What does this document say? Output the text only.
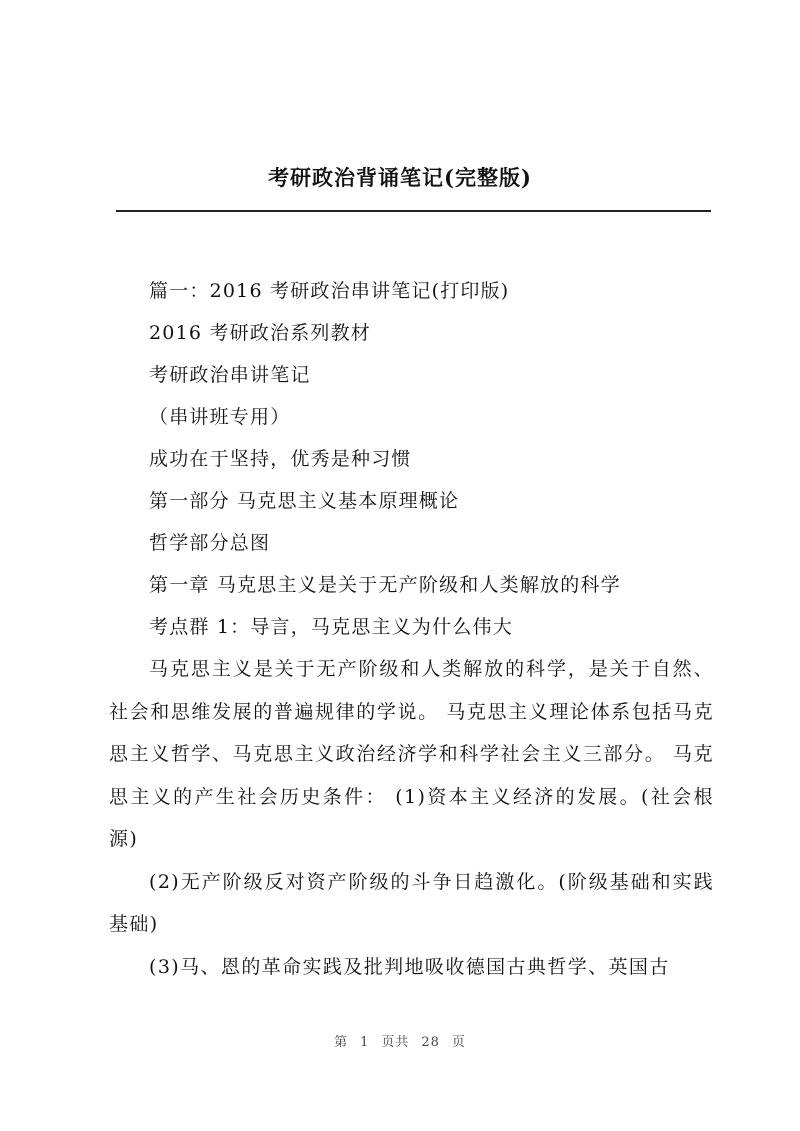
考研政治背诵笔记(完整版)
篇一：2016 考研政治串讲笔记(打印版)
2016 考研政治系列教材
考研政治串讲笔记
（串讲班专用）
成功在于坚持，优秀是种习惯
第一部分 马克思主义基本原理概论
哲学部分总图
第一章 马克思主义是关于无产阶级和人类解放的科学
考点群 1：导言，马克思主义为什么伟大

马克思主义是关于无产阶级和人类解放的科学，是关于自然、社会和思维发展的普遍规律的学说。 马克思主义理论体系包括马克思主义哲学、马克思主义政治经济学和科学社会主义三部分。 马克思主义的产生社会历史条件： (1)资本主义经济的发展。(社会根源)

(2)无产阶级反对资产阶级的斗争日趋激化。(阶级基础和实践基础)

(3)马、恩的革命实践及批判地吸收德国古典哲学、英国古

第 1 页共 28 页
